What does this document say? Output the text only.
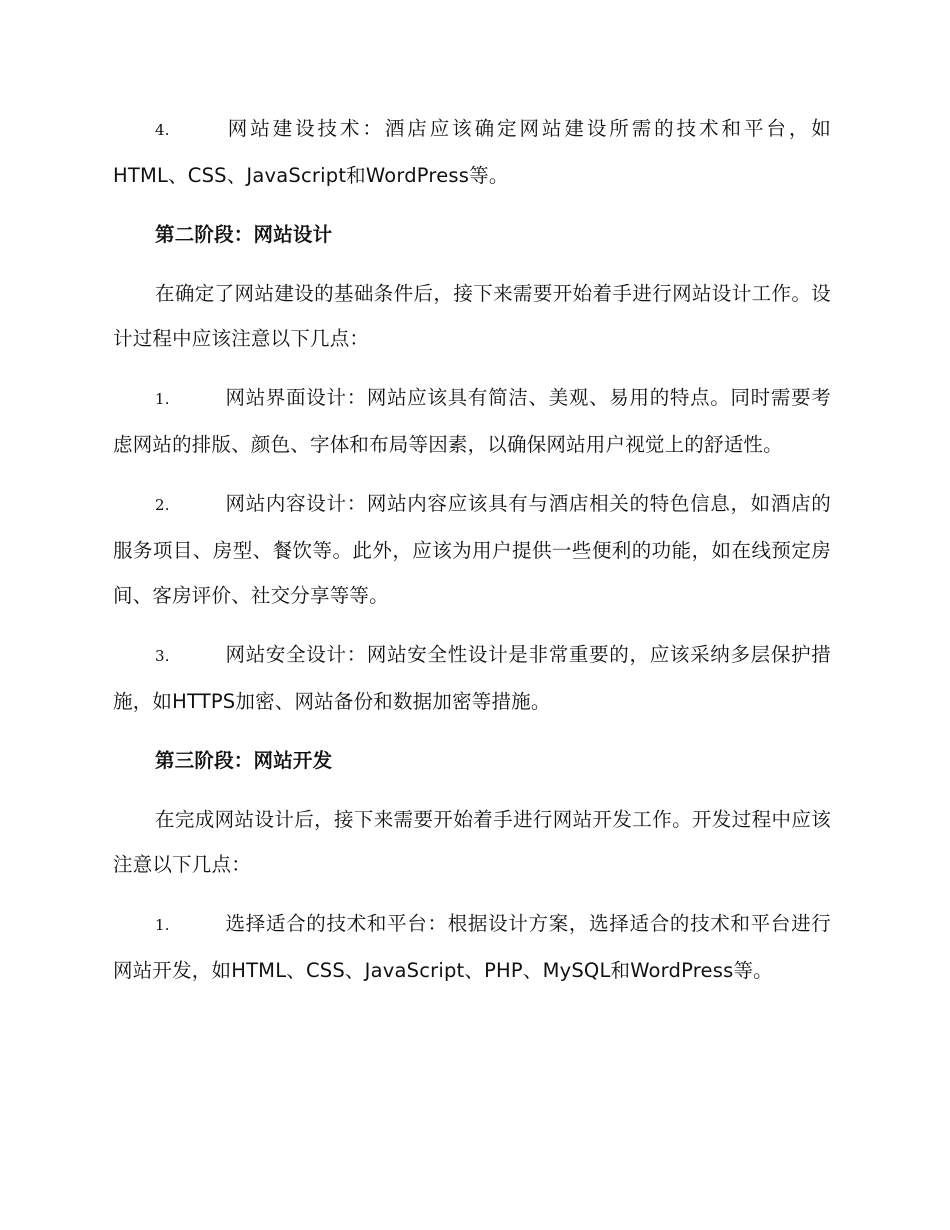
4.	网站建设技术：酒店应该确定网站建设所需的技术和平台，如HTML、CSS、JavaScript和WordPress等。

第二阶段：网站设计

在确定了网站建设的基础条件后，接下来需要开始着手进行网站设计工作。设计过程中应该注意以下几点：

1.	网站界面设计：网站应该具有简洁、美观、易用的特点。同时需要考虑网站的排版、颜色、字体和布局等因素，以确保网站用户视觉上的舒适性。

2.	网站内容设计：网站内容应该具有与酒店相关的特色信息，如酒店的服务项目、房型、餐饮等。此外，应该为用户提供一些便利的功能，如在线预定房间、客房评价、社交分享等等。

3.	网站安全设计：网站安全性设计是非常重要的，应该采纳多层保护措施，如HTTPS加密、网站备份和数据加密等措施。

第三阶段：网站开发

在完成网站设计后，接下来需要开始着手进行网站开发工作。开发过程中应该注意以下几点：

1.	选择适合的技术和平台：根据设计方案，选择适合的技术和平台进行网站开发，如HTML、CSS、JavaScript、PHP、MySQL和WordPress等。
